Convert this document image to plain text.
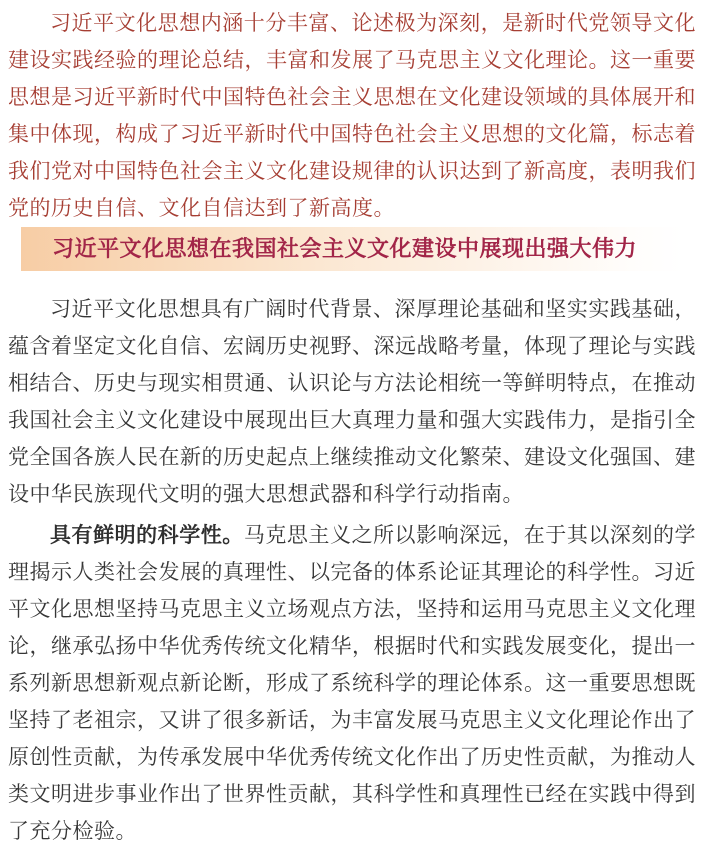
习近平文化思想内涵十分丰富、论述极为深刻，是新时代党领导文化建设实践经验的理论总结，丰富和发展了马克思主义文化理论。这一重要思想是习近平新时代中国特色社会主义思想在文化建设领域的具体展开和集中体现，构成了习近平新时代中国特色社会主义思想的文化篇，标志着我们党对中国特色社会主义文化建设规律的认识达到了新高度，表明我们党的历史自信、文化自信达到了新高度。

习近平文化思想在我国社会主义文化建设中展现出强大伟力

习近平文化思想具有广阔时代背景、深厚理论基础和坚实实践基础，蕴含着坚定文化自信、宏阔历史视野、深远战略考量，体现了理论与实践相结合、历史与现实相贯通、认识论与方法论相统一等鲜明特点，在推动我国社会主义文化建设中展现出巨大真理力量和强大实践伟力，是指引全党全国各族人民在新的历史起点上继续推动文化繁荣、建设文化强国、建设中华民族现代文明的强大思想武器和科学行动指南。

具有鲜明的科学性。马克思主义之所以影响深远，在于其以深刻的学理揭示人类社会发展的真理性、以完备的体系论证其理论的科学性。习近平文化思想坚持马克思主义立场观点方法，坚持和运用马克思主义文化理论，继承弘扬中华优秀传统文化精华，根据时代和实践发展变化，提出一系列新思想新观点新论断，形成了系统科学的理论体系。这一重要思想既坚持了老祖宗，又讲了很多新话，为丰富发展马克思主义文化理论作出了原创性贡献，为传承发展中华优秀传统文化作出了历史性贡献，为推动人类文明进步事业作出了世界性贡献，其科学性和真理性已经在实践中得到了充分检验。
